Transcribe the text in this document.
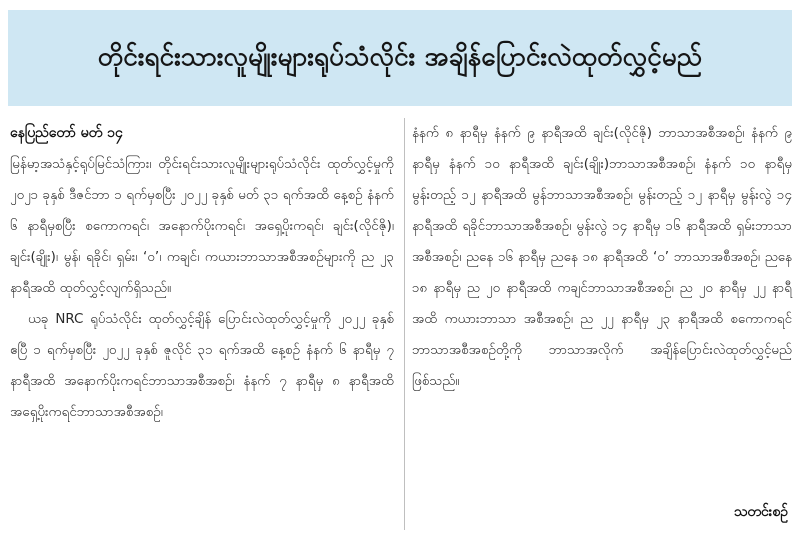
တိုင်းရင်းသားလူမျိုးများရုပ်သံလိုင်း အချိန်ပြောင်းလဲထုတ်လွှင့်မည်
နေပြည်တော် မတ် ၁၄

မြန်မာ့အသံနှင့်ရုပ်မြင်သံကြား၊ တိုင်းရင်းသားလူမျိုးများရုပ်သံလိုင်း ထုတ်လွှင့်မှုကို ၂၀၂၁ ခုနှစ် ဒီဇင်ဘာ ၁ ရက်မှစပြီး ၂၀၂၂ ခုနှစ် မတ် ၃၁ ရက်အထိ နေ့စဉ် နံနက် ၆ နာရီမှစပြီး စကောကရင်၊ အနောက်ပိုးကရင်၊ အရှေ့ပိုးကရင်၊ ချင်း(လိုင်ဇို)၊ ချင်း(ချိုး)၊ မွန်၊ ရခိုင်၊ ရှမ်း၊ ‘ဝ’၊ ကချင်၊ ကယားဘာသာအစီအစဉ်များကို ည ၂၃ နာရီအထိ ထုတ်လွှင့်လျက်ရှိသည်။

ယခု NRC ရုပ်သံလိုင်း ထုတ်လွှင့်ချိန် ပြောင်းလဲထုတ်လွှင့်မှုကို ၂၀၂၂ ခုနှစ် ဧပြီ ၁ ရက်မှစပြီး ၂၀၂၂ ခုနှစ် ဇူလိုင် ၃၁ ရက်အထိ နေ့စဉ် နံနက် ၆ နာရီမှ ၇ နာရီအထိ အနောက်ပိုးကရင်ဘာသာအစီအစဉ်၊ နံနက် ၇ နာရီမှ ၈ နာရီအထိ အရှေ့ပိုးကရင်ဘာသာအစီအစဉ်၊

နံနက် ၈ နာရီမှ နံနက် ၉ နာရီအထိ ချင်း(လိုင်ဇို) ဘာသာအစီအစဉ်၊ နံနက် ၉ နာရီမှ နံနက် ၁၀ နာရီအထိ ချင်း(ချိုး)ဘာသာအစီအစဉ်၊ နံနက် ၁၀ နာရီမှ မွန်းတည့် ၁၂ နာရီအထိ မွန်ဘာသာအစီအစဉ်၊ မွန်းတည့် ၁၂ နာရီမှ မွန်းလွဲ ၁၄ နာရီအထိ ရခိုင်ဘာသာအစီအစဉ်၊ မွန်းလွဲ ၁၄ နာရီမှ ၁၆ နာရီအထိ ရှမ်းဘာသာအစီအစဉ်၊ ညနေ ၁၆ နာရီမှ ညနေ ၁၈ နာရီအထိ ‘ဝ’ ဘာသာအစီအစဉ်၊ ညနေ ၁၈ နာရီမှ ည ၂၀ နာရီအထိ ကချင်ဘာသာအစီအစဉ်၊ ည ၂၀ နာရီမှ ၂၂ နာရီအထိ ကယားဘာသာ အစီအစဉ်၊ ည ၂၂ နာရီမှ ၂၃ နာရီအထိ စကောကရင်ဘာသာအစီအစဉ်တို့ကို ဘာသာအလိုက် အချိန်ပြောင်းလဲထုတ်လွှင့်မည်ဖြစ်သည်။

သတင်းစဉ်
